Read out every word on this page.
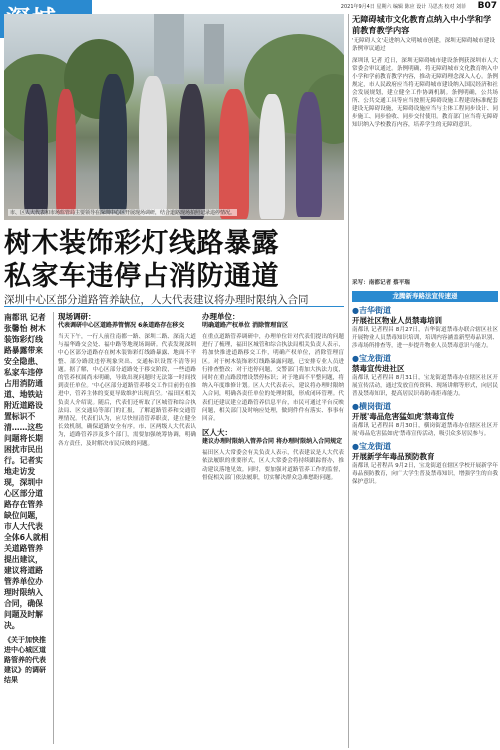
2021年9月4日 星期六 编辑 陈应 设计 马思杰 校对 刘菲 B07
市、区人大代表和市场监管局主要领导在深圳中心区开展现场调研，结合道路现场拍照记录违停情况。
树木装饰彩灯线路暴露
私家车违停占消防通道
深圳中心区部分道路管养缺位，人大代表建议将办理时限纳入合同
南都讯 记者张馨怡 树木装饰彩灯线路暴露带来安全隐患、私家车违停占用消防通道、地铁站附近道路设置标识不清……这些问题将长期困扰市民出行。记者实地走访发现，深圳中心区部分道路存在管养缺位问题，市人大代表全体6人就相关道路管养提出建议，建议将道路管养单位办理时限纳入合同，确保问题及时解决。
《关于加快推进中心城区道路管养的代表建议》的调研结果
现场调研：
代表调研中心区道路养管情况 6条道路存在移交
当天下午，一行人前往南都一路、深圳二路、深南大道与福华路交会处、福中路等地现场调研。代表发现深圳中心区部分道路存在树木装饰彩灯线路暴露、地面不平整、部分路段违停现象突出、交通标识设置不清等问题。据了解，中心区部分道路处于移交阶段，一些道路的管养权属尚未明确，导致出现问题时无法第一时间找到责任单位。'中心区部分道路管养移交工作目前仍在推进中，管养主体的变更导致维护出现真空。'福田区相关负责人介绍说。随后，代表们还听取了区城管和综合执法局、区交通局等部门的汇报，了解道路管养和交通管理情况。代表们认为，应尽快厘清管养职责，建立健全长效机制，确保道路安全有序。市、区两级人大代表认为，道路管养涉及多个部门，需要加强统筹协调，明确各方责任，及时解决市民反映的问题。
办理单位：
明确道路产权单位 消除管理盲区
在重点道路管养调研中，办理单位针对代表们提出的问题进行了梳理，福田区城管和综合执法局相关负责人表示，将加快推进道路移交工作，明确产权单位，消除管理盲区。对于树木装饰彩灯线路暴露问题，已安排专业人员进行排查整改；对于违停问题，交警部门将加大执法力度，同时在重点路段增设禁停标识；对于地面不平整问题，将纳入年度维修计划。区人大代表表示，建议将办理时限纳入合同，明确各责任单位的处理时限，形成闭环管理。代表们还建议建立道路管养信息平台，市民可通过平台反映问题，相关部门及时响应处理，做到件件有落实、事事有回音。
区人大：
建议办理时限纳入管养合同 将办理时限纳入合同规定
福田区人大常委会有关负责人表示，代表建议是人大代表依法履职的重要形式，区人大常委会将持续跟踪督办，推动建议落地见效。同时，要加强对道路管养工作的监督，督促相关部门依法履职，切实解决群众急难愁盼问题。
无障碍城市文化教育点纳入中小学和学前教育教学内容
'无障碍人文'走进纳入文明城市创建，深圳无障碍城市建设条例审议通过
深圳讯 记者 近日，深圳无障碍城市建设条例获深圳市人大常委会审议通过。条例明确，将无障碍城市文化教育纳入中小学和学前教育教学内容，推动无障碍理念深入人心。条例规定，市人民政府应当将无障碍城市建设纳入国民经济和社会发展规划，建立健全工作协调机制。条例明确，公共场所、公共交通工具等应当按照无障碍设施工程建设标准配套建设无障碍设施，无障碍设施应当与主体工程同步设计、同步施工、同步验收、同步交付使用。教育部门应当将无障碍知识纳入学校教育内容，培养学生的无障碍意识。
采写：南都记者 蔡平瑞
龙腾新寿路法宣传速递
●吉华街道
开展社区物业人员禁毒培训
南都讯 记者程昌 8月27日，吉华街道禁毒办联合辖区社区开展物业人员禁毒知识培训，培训内容涵盖新型毒品识别、涉毒场所排查等，进一步提升物业人员禁毒意识与能力。
●宝龙街道
禁毒宣传进社区
南都讯 记者程昌 8月31日，宝龙街道禁毒办在辖区社区开展宣传活动，通过发放宣传资料、现场讲解等形式，向居民普及禁毒知识，提高居民识毒防毒拒毒能力。
●横岗街道
开展'毒品危害猛如虎'禁毒宣传
南都讯 记者程昌 8月30日，横岗街道禁毒办在辖区社区开展'毒品危害猛如虎'禁毒宣传活动，吸引众多居民参与。
●宝龙街道
开展新学年毒品预防教育
南都讯 记者程昌 9月2日，宝龙街道在辖区学校开展新学年毒品预防教育，向广大学生普及禁毒知识，增强学生的自我保护意识。
